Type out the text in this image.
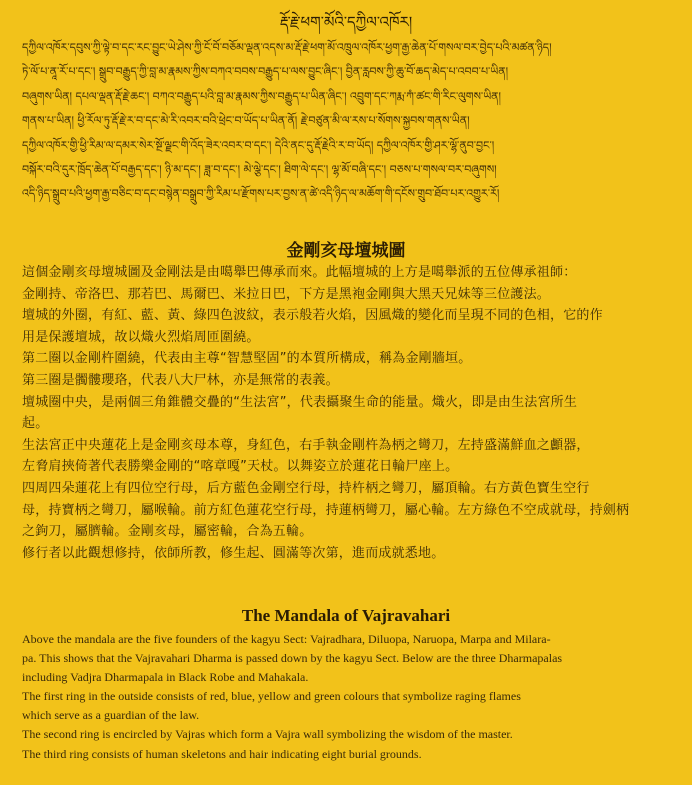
རྡོ་རྗེ་ཕག་མོའི་དཀྱིལ་འཁོར།
དཀྱིལ་འཁོར་དབུས་ཀྱི་ལྟེ་བ་དང་རང་བྱུང་ཡེ་ཤེས་ཀྱི་ངོ་བོ་བཅོམ་ལྡན་འདས་མ་རྡོ་རྗེ་ཕག་མོ་འཁྲུལ་འཁོར་ཕྱག་རྒྱ་ཆེན་པོ་གསལ་བར་བྱེད་པའི་མཚན་ཉིད།
ཏེ་ལོ་པ་ནཱ་རོ་པ་དང་། སྒྲུབ་བརྒྱུད་ཀྱི་བླ་མ་རྣམས་ཀྱིས་བཀའ་བབས་བརྒྱུད་པ་ལས་བྱུང་ཞིང་། བྱིན་རླབས་ཀྱི་ཆུ་བོ་ཆད་མེད་པ་འབབ་པ་ཡིན།
བཞུགས་ཡིན། དཔལ་ལྡན་རྡོ་རྗེ་ཆང་། བཀའ་བརྒྱུད་པའི་བླ་མ་རྣམས་ཀྱིས་བརྒྱུད་པ་ཡིན་ཞིང་། འབྲུག་དང་ཀརྨ་ཀཾ་ཚང་གི་རིང་ལུགས་ཡིན།
གནས་པ་ཡིན། ཕྱི་རོལ་ཏུ་རྡོ་རྗེ་ར་བ་དང་མེ་རི་འབར་བའི་ཕྲེང་བ་ཡོད་པ་ཡིན་ནོ། རྗེ་བཙུན་མི་ལ་རས་པ་སོགས་སྐྱབས་གནས་ཡིན།
དཀྱིལ་འཁོར་གྱི་ཕྱི་རིམ་ལ་དམར་སེར་སྔོ་ལྗང་གི་འོད་ཟེར་འབར་བ་དང་། དེའི་ནང་དུ་རྡོ་རྗེའི་ར་བ་ཡོད། དཀྱིལ་འཁོར་གྱི་ཤར་ལྷོ་ནུབ་བྱང་།
བསྐོར་བའི་དུར་ཁྲོད་ཆེན་པོ་བརྒྱད་དང་། ཉི་མ་དང་། ཟླ་བ་དང་། མེ་ལྕེ་དང་། ཐིག་ལེ་དང་། ལྷ་མོ་བཞི་དང་། བཅས་པ་གསལ་བར་བཞུགས།
འདི་ཉིད་སྒྲུབ་པའི་ཕྱག་རྒྱ་བཅིང་བ་དང་བསྙེན་བསྒྲུབ་ཀྱི་རིམ་པ་རྫོགས་པར་བྱས་ན་ཚེ་འདི་ཉིད་ལ་མཆོག་གི་དངོས་གྲུབ་ཐོབ་པར་འགྱུར་རོ།
金剛亥母壇城圖
這個金剛亥母壇城圖及金剛法是由噶舉巴傳承而來。此幅壇城的上方是噶舉派的五位傳承祖師：
金剛持、帝洛巴、那若巴、馬爾巴、米拉日巴，下方是黑袍金剛與大黑天兄妹等三位護法。
壇城的外圈，有紅、藍、黃、綠四色波紋，表示般若火焰，因風熾的變化而呈現不同的色相，它的作
用是保護壇城，故以熾火烈焰周匝圍繞。
第二圈以金剛杵圍繞，代表由主尊“智慧堅固”的本質所構成，稱為金剛牆垣。
第三圈是髑髏瓔珞，代表八大尸林，亦是無常的表義。
壇城圈中央，是兩個三角錐體交疊的“生法宮”，代表攝聚生命的能量。熾火，即是由生法宮所生
起。
生法宮正中央蓮花上是金剛亥母本尊，身紅色，右手執金剛杵為柄之彎刀，左持盛滿鮮血之顱器，
左脅肩挾倚著代表勝樂金剛的“喀章嘎”天杖。以舞姿立於蓮花日輪尸座上。
四周四朵蓮花上有四位空行母，后方藍色金剛空行母，持杵柄之彎刀，屬頂輪。右方黃色寶生空行
母，持寶柄之彎刀，屬喉輪。前方紅色蓮花空行母，持蓮柄彎刀，屬心輪。左方綠色不空成就母，持劍柄
之鉤刀，屬臍輪。金剛亥母，屬密輪，合為五輪。
修行者以此觀想修持，依師所教，修生起、圓滿等次第，進而成就悉地。
The Mandala of Vajravahari
Above the mandala are the five founders of the kagyu Sect: Vajradhara, Diluopa, Naruopa, Marpa and Milara-
pa. This shows that the Vajravahari Dharma is passed down by the kagyu Sect. Below are the three Dharmapalas
including Vadjra Dharmapala in Black Robe and Mahakala.
The first ring in the outside consists of red, blue, yellow and green colours that symbolize raging flames
which serve as a guardian of the law.
The second ring is encircled by Vajras which form a Vajra wall symbolizing the wisdom of the master.
The third ring consists of human skeletons and hair indicating eight burial grounds.
